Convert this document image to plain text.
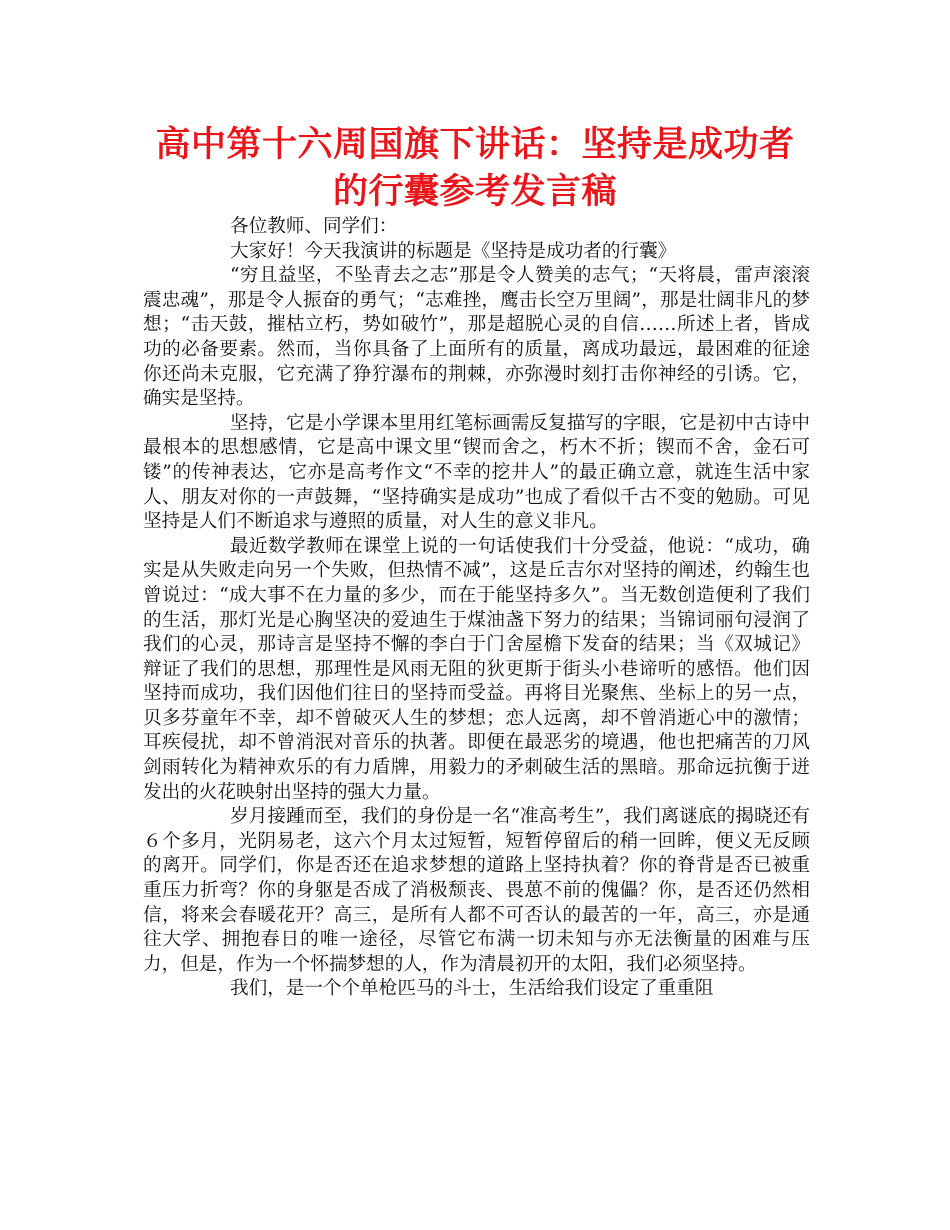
高中第十六周国旗下讲话：坚持是成功者
的行囊参考发言稿

各位教师、同学们：

大家好！今天我演讲的标题是《坚持是成功者的行囊》

“穷且益坚，不坠青去之志”那是令人赞美的志气；“天将晨，雷声滚滚震忠魂”，那是令人振奋的勇气；“志难挫，鹰击长空万里阔”，那是壮阔非凡的梦想；“击天鼓，摧枯立朽，势如破竹”，那是超脱心灵的自信……所述上者，皆成功的必备要素。然而，当你具备了上面所有的质量，离成功最远，最困难的征途你还尚未克服，它充满了狰狞瀑布的荆棘，亦弥漫时刻打击你神经的引诱。它，确实是坚持。

坚持，它是小学课本里用红笔标画需反复描写的字眼，它是初中古诗中最根本的思想感情，它是高中课文里“锲而舍之，朽木不折；锲而不舍，金石可镂”的传神表达，它亦是高考作文“不幸的挖井人”的最正确立意，就连生活中家人、朋友对你的一声鼓舞，“坚持确实是成功”也成了看似千古不变的勉励。可见坚持是人们不断追求与遵照的质量，对人生的意义非凡。

最近数学教师在课堂上说的一句话使我们十分受益，他说：“成功，确实是从失败走向另一个失败，但热情不减”，这是丘吉尔对坚持的阐述，约翰生也曾说过：“成大事不在力量的多少，而在于能坚持多久”。当无数创造便利了我们的生活，那灯光是心胸坚决的爱迪生于煤油盏下努力的结果；当锦词丽句浸润了我们的心灵，那诗言是坚持不懈的李白于门舍屋檐下发奋的结果；当《双城记》辩证了我们的思想，那理性是风雨无阻的狄更斯于街头小巷谛听的感悟。他们因坚持而成功，我们因他们往日的坚持而受益。再将目光聚焦、坐标上的另一点，贝多芬童年不幸，却不曾破灭人生的梦想；恋人远离，却不曾消逝心中的激情；耳疾侵扰，却不曾消泯对音乐的执著。即便在最恶劣的境遇，他也把痛苦的刀风剑雨转化为精神欢乐的有力盾牌，用毅力的矛刺破生活的黑暗。那命远抗衡于迸发出的火花映射出坚持的强大力量。

岁月接踵而至，我们的身份是一名“准高考生”，我们离谜底的揭晓还有６个多月，光阴易老，这六个月太过短暂，短暂停留后的稍一回眸，便义无反顾的离开。同学们，你是否还在追求梦想的道路上坚持执着？你的脊背是否已被重重压力折弯？你的身躯是否成了消极颓丧、畏葸不前的傀儡？你，是否还仍然相信，将来会春暖花开？高三，是所有人都不可否认的最苦的一年，高三，亦是通往大学、拥抱春日的唯一途径，尽管它布满一切未知与亦无法衡量的困难与压力，但是，作为一个怀揣梦想的人，作为清晨初开的太阳，我们必须坚持。

我们，是一个个单枪匹马的斗士，生活给我们设定了重重阻
